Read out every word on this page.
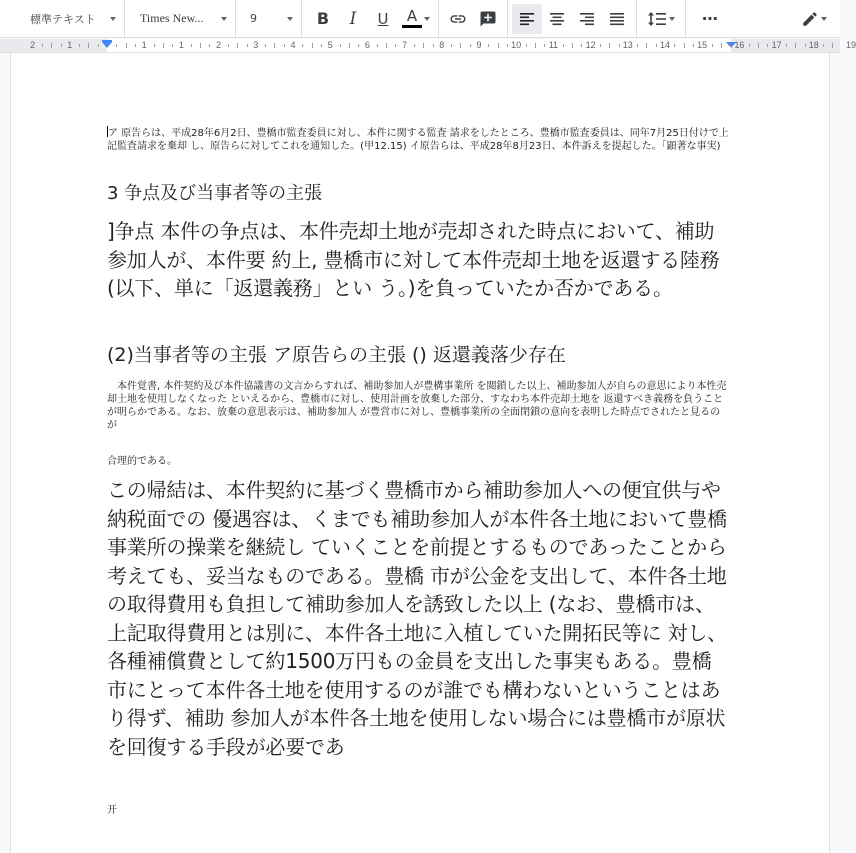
標準テキスト	Times New...	9	B I U A	⋯
2	1	1	1	2	3	4	5	6	7	8	9	10	11	12	13	14	15	16	17	18	19

ア 原告らは、平成28年6月2日、豊橋市監査委員に対し、本件に関する監査 請求をしたところ、豊橋市監査委員は、同年7月25日付けで上記監査請求を棄却 し、原告らに対してこれを通知した。(甲12.15) イ原告らは、平成28年8月23日、本件訴えを提起した。「顕著な事実)

3 争点及び当事者等の主張

]争点 本件の争点は、本件売却土地が売却された時点において、補助参加人が、本件要 約上, 豊橋市に対して本件売却土地を返還する陸務(以下、単に「返還義務」とい う。)を負っていたか否かである。

(2)当事者等の主張 ア原告らの主張 () 返還義落少存在

　本件覚書, 本件契約及び本件協議書の文言からすれば、補助参加人が豊構事業所 を閲鎖した以上、補助参加人が自らの意思により本性売却土地を使用しなくなった といえるから、豊橋市に対し、使用計画を放棄した部分、すなわち本件売却土地を 返還すべき義務を負うことが明らかである。なお、放棄の意思表示は、補助参加人 が豊営市に対し、豊橋事業所の全面閉鎖の意向を表明した時点でされたと見るのが

合理的である。

この帰結は、本件契約に基づく豊橋市から補助参加人への便宜供与や納税面での 優遇容は、くまでも補助参加人が本件各土地において豊橋事業所の操業を継続し ていくことを前提とするものであったことから考えても、妥当なものである。豊橋 市が公金を支出して、本件各土地の取得費用も負担して補助参加人を誘致した以上 (なお、豊橋市は、上記取得費用とは別に、本件各土地に入植していた開拓民等に 対し、各種補償費として約1500万円もの金員を支出した事実もある。豊橋 市にとって本件各土地を使用するのが誰でも構わないということはあり得ず、補助 参加人が本件各土地を使用しない場合には豊橋市が原状を回復する手段が必要であ

开
